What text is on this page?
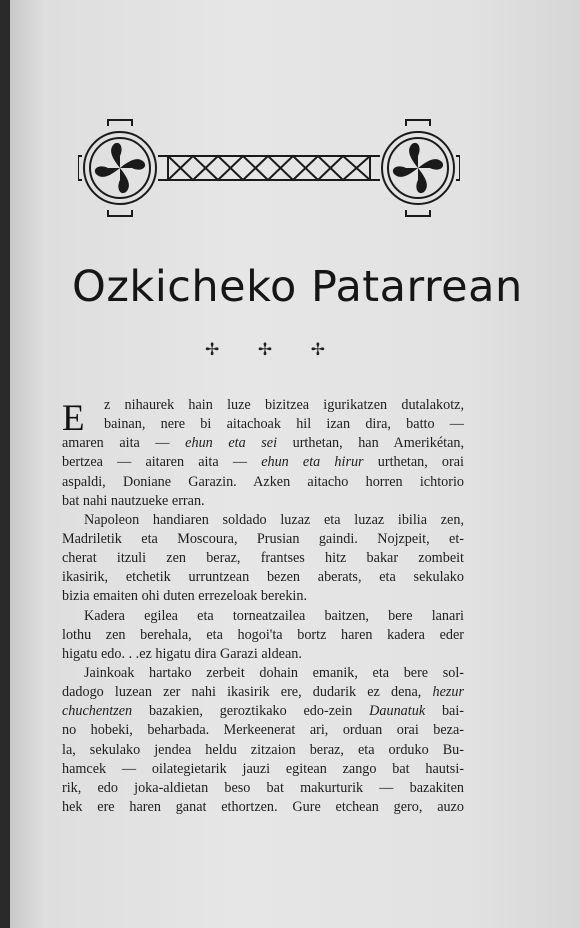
Ozkicheko Patarrean
✢ ✢ ✢
E	z nihaurek hain luze bizitzea igurikatzen dutalakotz,
bainan, nere bi aitachoak hil izan dira, batto —
amaren aita — ehun eta sei urthetan, han Amerikétan,
bertzea — aitaren aita — ehun eta hirur urthetan, orai
aspaldi, Doniane Garazin. Azken aitacho horren ichtorio
bat nahi nautzueke erran.
Napoleon handiaren soldado luzaz eta luzaz ibilia zen,
Madriletik eta Moscoura, Prusian gaindi. Nojzpeit, et-
cherat itzuli zen beraz, frantses hitz bakar zombeit
ikasirik, etchetik urruntzean bezen aberats, eta sekulako
bizia emaiten ohi duten errezeloak berekin.
Kadera egilea eta torneatzailea baitzen, bere lanari
lothu zen berehala, eta hogoi'ta bortz haren kadera eder
higatu edo. . .ez higatu dira Garazi aldean.
Jainkoak hartako zerbeit dohain emanik, eta bere sol-
dadogo luzean zer nahi ikasirik ere, dudarik ez dena, hezur
chuchentzen bazakien, geroztikako edo-zein Daunatuk bai-
no hobeki, beharbada. Merkeenerat ari, orduan orai beza-
la, sekulako jendea heldu zitzaion beraz, eta orduko Bu-
hamcek — oilategietarik jauzi egitean zango bat hautsi-
rik, edo joka-aldietan beso bat makurturik — bazakiten
hek ere haren ganat ethortzen. Gure etchean gero, auzo
